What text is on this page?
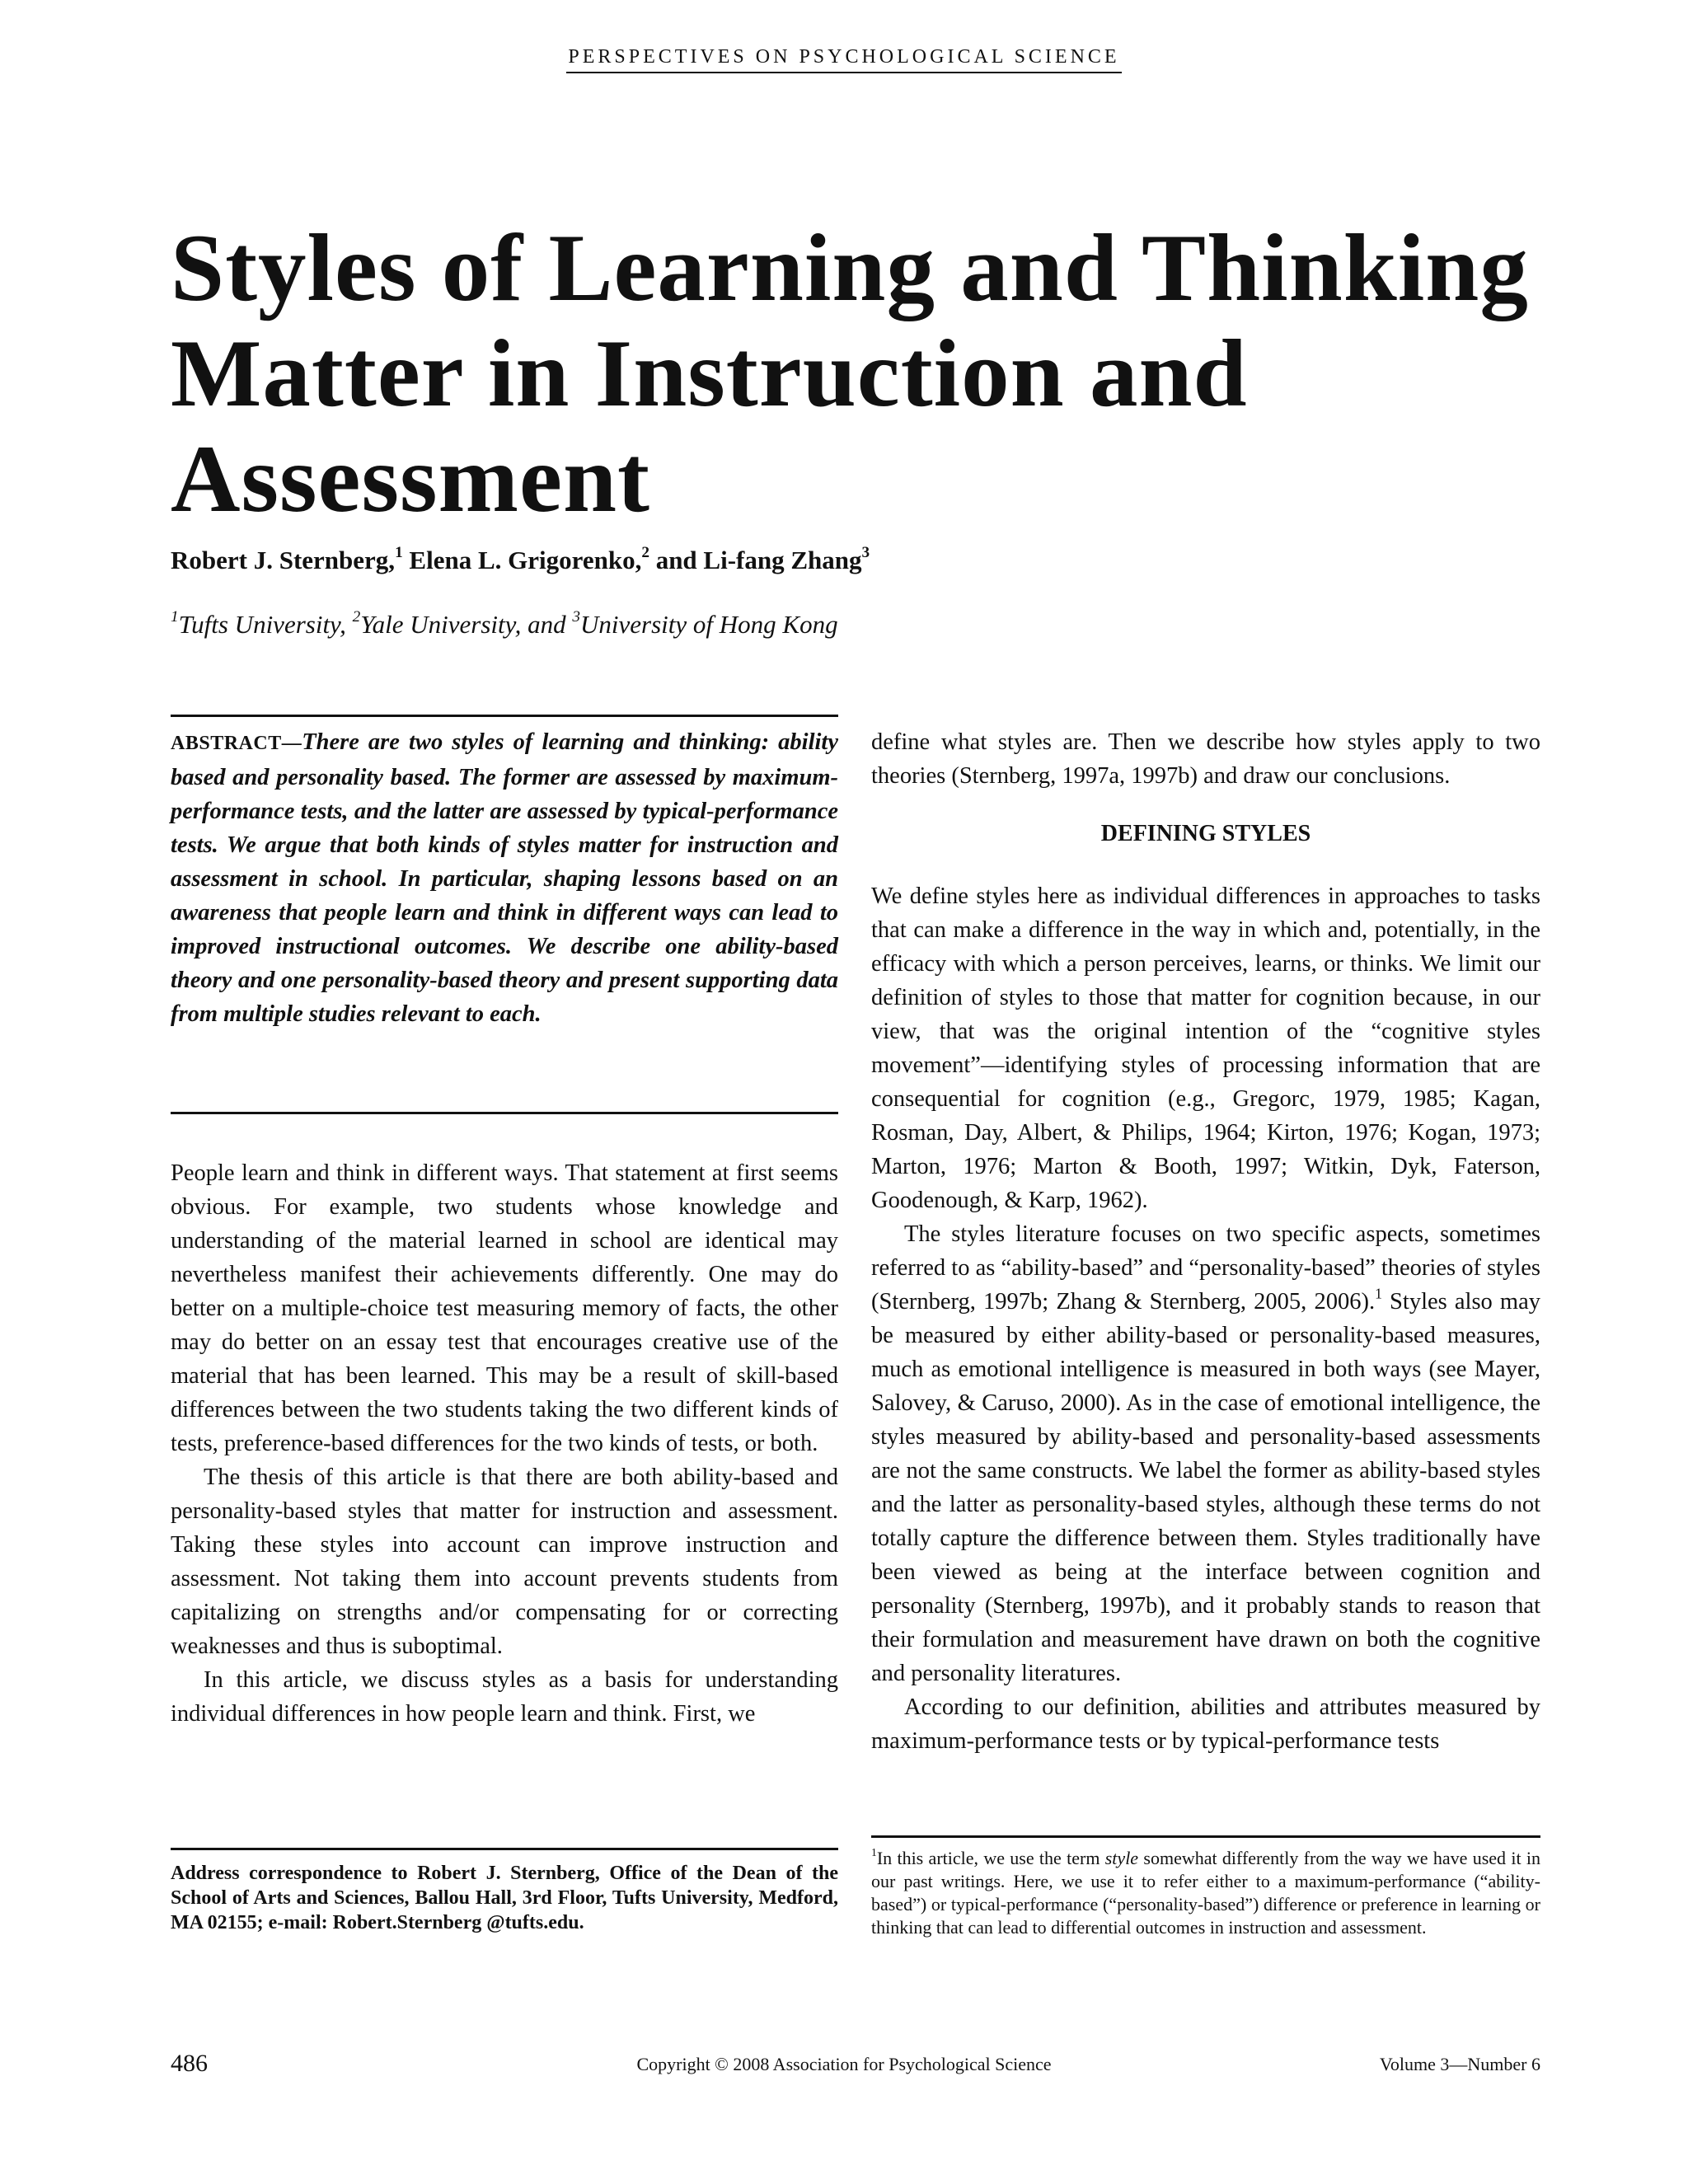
PERSPECTIVES ON PSYCHOLOGICAL SCIENCE
Styles of Learning and Thinking
Matter in Instruction and
Assessment
Robert J. Sternberg,$^1$ Elena L. Grigorenko,$^2$ and Li-fang Zhang$^3$
$^1$Tufts University, $^2$Yale University, and $^3$University of Hong Kong
ABSTRACT—There are two styles of learning and thinking: ability based and personality based. The former are assessed by maximum-performance tests, and the latter are assessed by typical-performance tests. We argue that both kinds of styles matter for instruction and assessment in school. In particular, shaping lessons based on an awareness that people learn and think in different ways can lead to improved instructional outcomes. We describe one ability-based theory and one personality-based theory and present supporting data from multiple studies relevant to each.

People learn and think in different ways. That statement at first seems obvious. For example, two students whose knowledge and understanding of the material learned in school are identical may nevertheless manifest their achievements differently. One may do better on a multiple-choice test measuring memory of facts, the other may do better on an essay test that encourages creative use of the material that has been learned. This may be a result of skill-based differences between the two students taking the two different kinds of tests, preference-based differences for the two kinds of tests, or both.

The thesis of this article is that there are both ability-based and personality-based styles that matter for instruction and assessment. Taking these styles into account can improve instruction and assessment. Not taking them into account prevents students from capitalizing on strengths and/or compensating for or correcting weaknesses and thus is suboptimal.

In this article, we discuss styles as a basis for understanding individual differences in how people learn and think. First, we

define what styles are. Then we describe how styles apply to two theories (Sternberg, 1997a, 1997b) and draw our conclusions.

DEFINING STYLES

We define styles here as individual differences in approaches to tasks that can make a difference in the way in which and, potentially, in the efficacy with which a person perceives, learns, or thinks. We limit our definition of styles to those that matter for cognition because, in our view, that was the original intention of the “cognitive styles movement”—identifying styles of processing information that are consequential for cognition (e.g., Gregorc, 1979, 1985; Kagan, Rosman, Day, Albert, & Philips, 1964; Kirton, 1976; Kogan, 1973; Marton, 1976; Marton & Booth, 1997; Witkin, Dyk, Faterson, Goodenough, & Karp, 1962).

The styles literature focuses on two specific aspects, sometimes referred to as “ability-based” and “personality-based” theories of styles (Sternberg, 1997b; Zhang & Sternberg, 2005, 2006).$^1$ Styles also may be measured by either ability-based or personality-based measures, much as emotional intelligence is measured in both ways (see Mayer, Salovey, & Caruso, 2000). As in the case of emotional intelligence, the styles measured by ability-based and personality-based assessments are not the same constructs. We label the former as ability-based styles and the latter as personality-based styles, although these terms do not totally capture the difference between them. Styles traditionally have been viewed as being at the interface between cognition and personality (Sternberg, 1997b), and it probably stands to reason that their formulation and measurement have drawn on both the cognitive and personality literatures.

According to our definition, abilities and attributes measured by maximum-performance tests or by typical-performance tests

Address correspondence to Robert J. Sternberg, Office of the Dean of the School of Arts and Sciences, Ballou Hall, 3rd Floor, Tufts University, Medford, MA 02155; e-mail: Robert.Sternberg @tufts.edu.
$^1$In this article, we use the term style somewhat differently from the way we have used it in our past writings. Here, we use it to refer either to a maximum-performance (“ability-based”) or typical-performance (“personality-based”) difference or preference in learning or thinking that can lead to differential outcomes in instruction and assessment.
486	Copyright © 2008 Association for Psychological Science	Volume 3—Number 6
